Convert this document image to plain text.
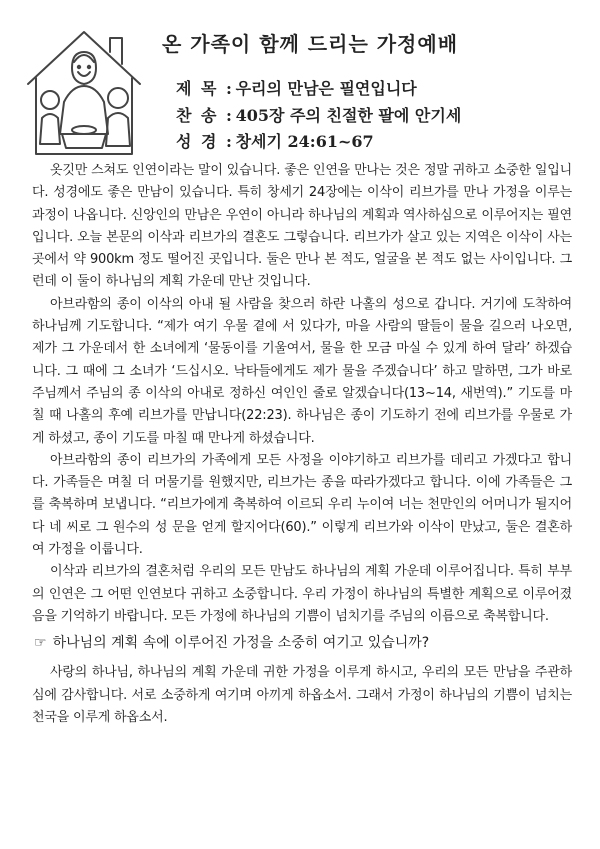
온 가족이 함께 드리는 가정예배
제 목 : 우리의 만남은 필연입니다
찬 송 : 405장 주의 친절한 팔에 안기세
성 경 : 창세기 24:61~67

옷깃만 스쳐도 인연이라는 말이 있습니다. 좋은 인연을 만나는 것은 정말 귀하고 소중한 일입니다. 성경에도 좋은 만남이 있습니다. 특히 창세기 24장에는 이삭이 리브가를 만나 가정을 이루는 과정이 나옵니다. 신앙인의 만남은 우연이 아니라 하나님의 계획과 역사하심으로 이루어지는 필연입니다. 오늘 본문의 이삭과 리브가의 결혼도 그렇습니다. 리브가가 살고 있는 지역은 이삭이 사는 곳에서 약 900km 정도 떨어진 곳입니다. 둘은 만나 본 적도, 얼굴을 본 적도 없는 사이입니다. 그런데 이 둘이 하나님의 계획 가운데 만난 것입니다.

아브라함의 종이 이삭의 아내 될 사람을 찾으러 하란 나홀의 성으로 갑니다. 거기에 도착하여 하나님께 기도합니다. “제가 여기 우물 곁에 서 있다가, 마을 사람의 딸들이 물을 길으러 나오면, 제가 그 가운데서 한 소녀에게 ‘물동이를 기울여서, 물을 한 모금 마실 수 있게 하여 달라’ 하겠습니다. 그 때에 그 소녀가 ‘드십시오. 낙타들에게도 제가 물을 주겠습니다’ 하고 말하면, 그가 바로 주님께서 주님의 종 이삭의 아내로 정하신 여인인 줄로 알겠습니다(13~14, 새번역).” 기도를 마칠 때 나홀의 후예 리브가를 만납니다(22:23). 하나님은 종이 기도하기 전에 리브가를 우물로 가게 하셨고, 종이 기도를 마칠 때 만나게 하셨습니다.

아브라함의 종이 리브가의 가족에게 모든 사정을 이야기하고 리브가를 데리고 가겠다고 합니다. 가족들은 며칠 더 머물기를 원했지만, 리브가는 종을 따라가겠다고 합니다. 이에 가족들은 그를 축복하며 보냅니다. “리브가에게 축복하여 이르되 우리 누이여 너는 천만인의 어머니가 될지어다 네 씨로 그 원수의 성 문을 얻게 할지어다(60).” 이렇게 리브가와 이삭이 만났고, 둘은 결혼하여 가정을 이룹니다.

이삭과 리브가의 결혼처럼 우리의 모든 만남도 하나님의 계획 가운데 이루어집니다. 특히 부부의 인연은 그 어떤 인연보다 귀하고 소중합니다. 우리 가정이 하나님의 특별한 계획으로 이루어졌음을 기억하기 바랍니다. 모든 가정에 하나님의 기쁨이 넘치기를 주님의 이름으로 축복합니다.

☞ 하나님의 계획 속에 이루어진 가정을 소중히 여기고 있습니까?

사랑의 하나님, 하나님의 계획 가운데 귀한 가정을 이루게 하시고, 우리의 모든 만남을 주관하심에 감사합니다. 서로 소중하게 여기며 아끼게 하옵소서. 그래서 가정이 하나님의 기쁨이 넘치는 천국을 이루게 하옵소서.
